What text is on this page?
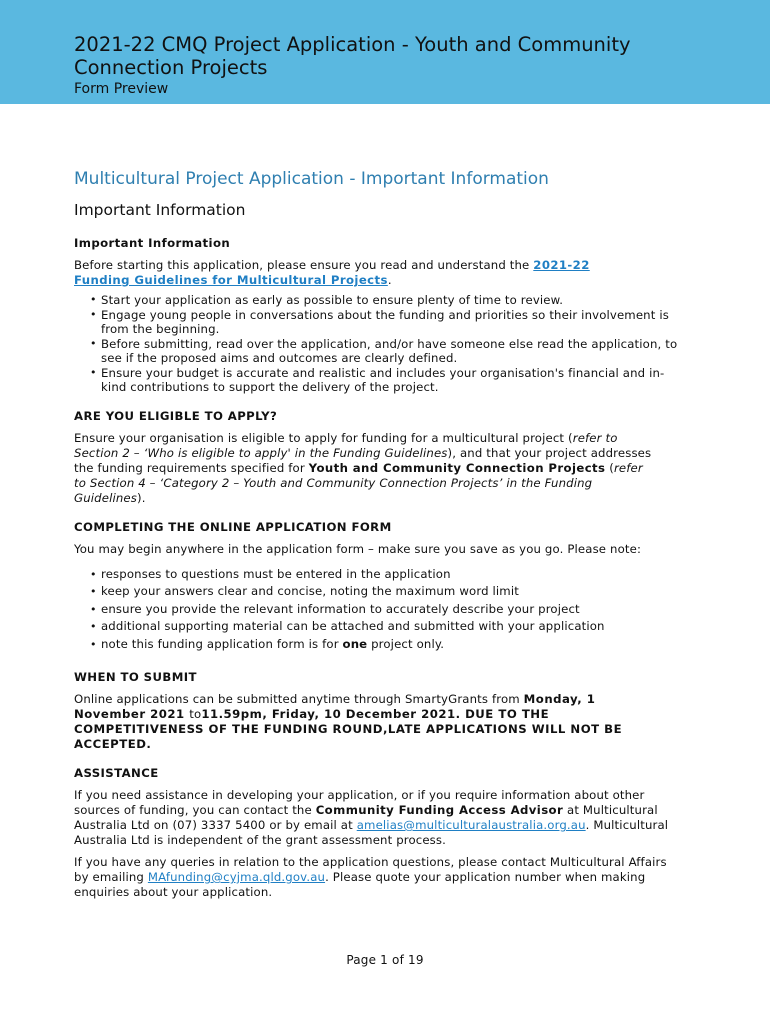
2021-22 CMQ Project Application - Youth and Community Connection Projects
Form Preview
Multicultural Project Application - Important Information
Important Information

Important Information

Before starting this application, please ensure you read and understand the 2021-22 Funding Guidelines for Multicultural Projects.

• Start your application as early as possible to ensure plenty of time to review.
• Engage young people in conversations about the funding and priorities so their involvement is from the beginning.
• Before submitting, read over the application, and/or have someone else read the application, to see if the proposed aims and outcomes are clearly defined.
• Ensure your budget is accurate and realistic and includes your organisation's financial and in-kind contributions to support the delivery of the project.

ARE YOU ELIGIBLE TO APPLY?

Ensure your organisation is eligible to apply for funding for a multicultural project (refer to Section 2 – ‘Who is eligible to apply' in the Funding Guidelines), and that your project addresses the funding requirements specified for Youth and Community Connection Projects (refer to Section 4 – ‘Category 2 – Youth and Community Connection Projects’ in the Funding Guidelines).

COMPLETING THE ONLINE APPLICATION FORM

You may begin anywhere in the application form – make sure you save as you go. Please note:

• responses to questions must be entered in the application
• keep your answers clear and concise, noting the maximum word limit
• ensure you provide the relevant information to accurately describe your project
• additional supporting material can be attached and submitted with your application
• note this funding application form is for one project only.

WHEN TO SUBMIT

Online applications can be submitted anytime through SmartyGrants from Monday, 1 November 2021 to11.59pm, Friday, 10 December 2021. DUE TO THE COMPETITIVENESS OF THE FUNDING ROUND,LATE APPLICATIONS WILL NOT BE ACCEPTED.

ASSISTANCE

If you need assistance in developing your application, or if you require information about other sources of funding, you can contact the Community Funding Access Advisor at Multicultural Australia Ltd on (07) 3337 5400 or by email at amelias@multiculturalaustralia.org.au. Multicultural Australia Ltd is independent of the grant assessment process.

If you have any queries in relation to the application questions, please contact Multicultural Affairs by emailing MAfunding@cyjma.qld.gov.au. Please quote your application number when making enquiries about your application.

Page 1 of 19
